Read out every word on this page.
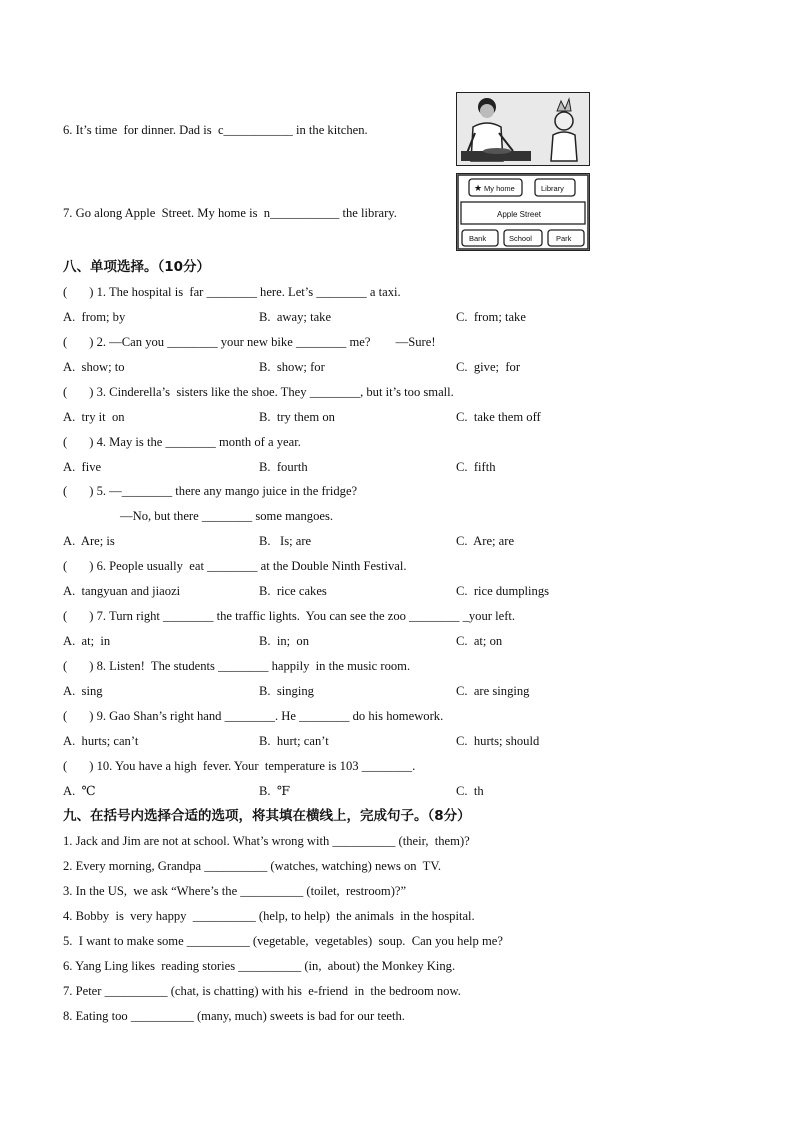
6. It’s time  for dinner. Dad is  c___________ in the kitchen.
7. Go along Apple  Street. My home is  n___________ the library.
★ My home	Library
Apple Street
Bank	School	Park
八、单项选择。（10分）
(       ) 1. The hospital is  far ________ here. Let’s ________ a taxi.
A.  from; by	B.  away; take	C.  from; take
(       ) 2. —Can you ________ your new bike ________ me?        —Sure!
A.  show; to	B.  show; for	C.  give;  for
(       ) 3. Cinderella’s  sisters like the shoe. They ________, but it’s too small.
A.  try it  on	B.  try them on	C.  take them off
(       ) 4. May is the ________ month of a year.
A.  five	B.  fourth	C.  fifth
(       ) 5. —________ there any mango juice in the fridge?
—No, but there ________ some mangoes.
A.  Are; is	B.   Is; are	C.  Are; are
(       ) 6. People usually  eat ________ at the Double Ninth Festival.
A.  tangyuan and jiaozi	B.  rice cakes	C.  rice dumplings
(       ) 7. Turn right ________ the traffic lights.  You can see the zoo ________ _your left.
A.  at;  in	B.  in;  on	C.  at; on
(       ) 8. Listen!  The students ________ happily  in the music room.
A.  sing	B.  singing	C.  are singing
(       ) 9. Gao Shan’s right hand ________. He ________ do his homework.
A.  hurts; can’t	B.  hurt; can’t	C.  hurts; should
(       ) 10. You have a high  fever. Your  temperature is 103 ________.
A.  ℃	B.  ℉	C.  th
九、在括号内选择合适的选项，将其填在横线上，完成句子。（8分）
1. Jack and Jim are not at school. What’s wrong with __________ (their,  them)?
2. Every morning, Grandpa __________ (watches, watching) news on  TV.
3. In the US,  we ask “Where’s the __________ (toilet,  restroom)?”
4. Bobby  is  very happy  __________ (help, to help)  the animals  in the hospital.
5.  I want to make some __________ (vegetable,  vegetables)  soup.  Can you help me?
6. Yang Ling likes  reading stories __________ (in,  about) the Monkey King.
7. Peter __________ (chat, is chatting) with his  e-friend  in  the bedroom now.
8. Eating too __________ (many, much) sweets is bad for our teeth.
